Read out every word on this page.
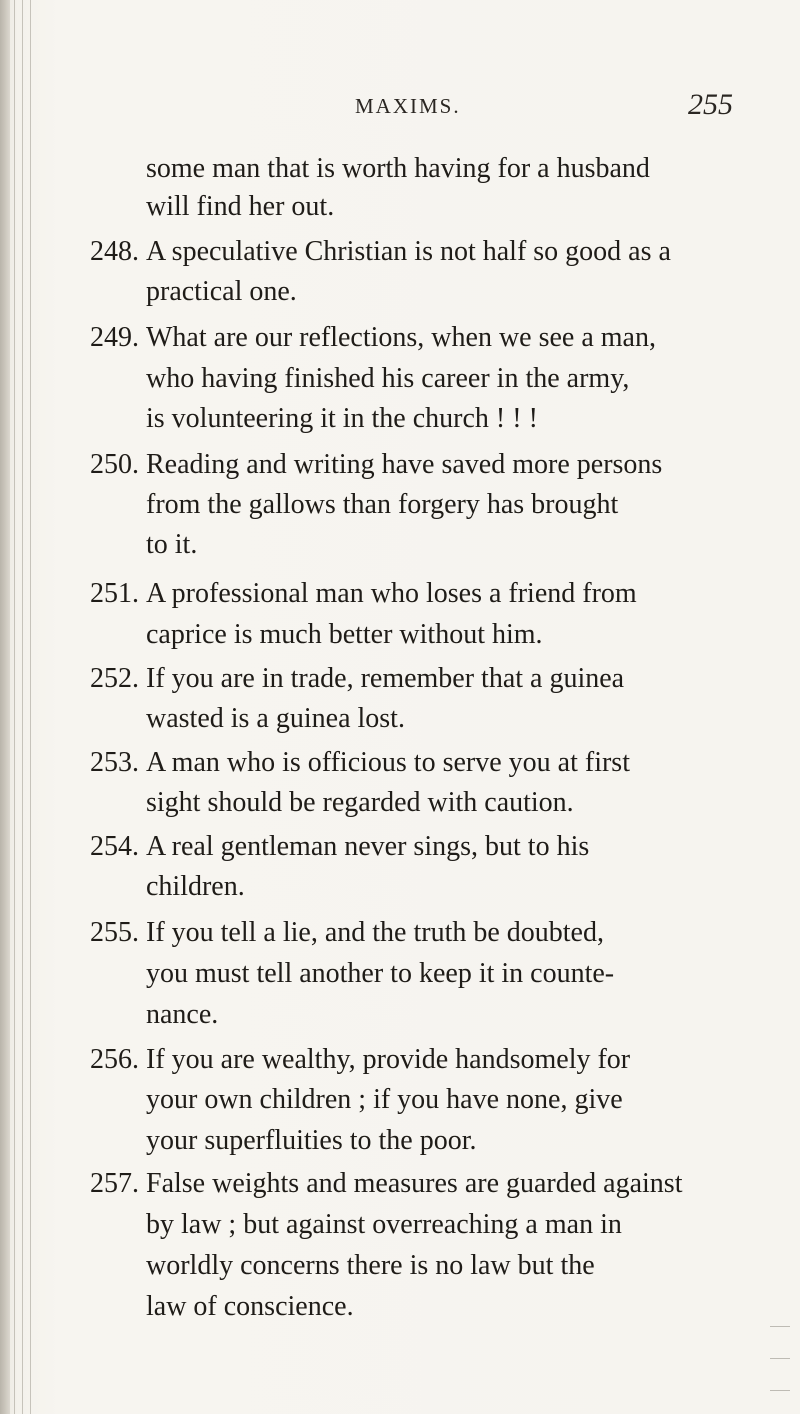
MAXIMS.	255
some man that is worth having for a husband
will find her out.
248. A speculative Christian is not half so good as a
practical one.
249. What are our reflections, when we see a man,
who having finished his career in the army,
is volunteering it in the church ! ! !
250. Reading and writing have saved more persons
from the gallows than forgery has brought
to it.
251. A professional man who loses a friend from
caprice is much better without him.
252. If you are in trade, remember that a guinea
wasted is a guinea lost.
253. A man who is officious to serve you at first
sight should be regarded with caution.
254. A real gentleman never sings, but to his
children.
255. If you tell a lie, and the truth be doubted,
you must tell another to keep it in counte-
nance.
256. If you are wealthy, provide handsomely for
your own children ; if you have none, give
your superfluities to the poor.
257. False weights and measures are guarded against
by law ; but against overreaching a man in
worldly concerns there is no law but the
law of conscience.
